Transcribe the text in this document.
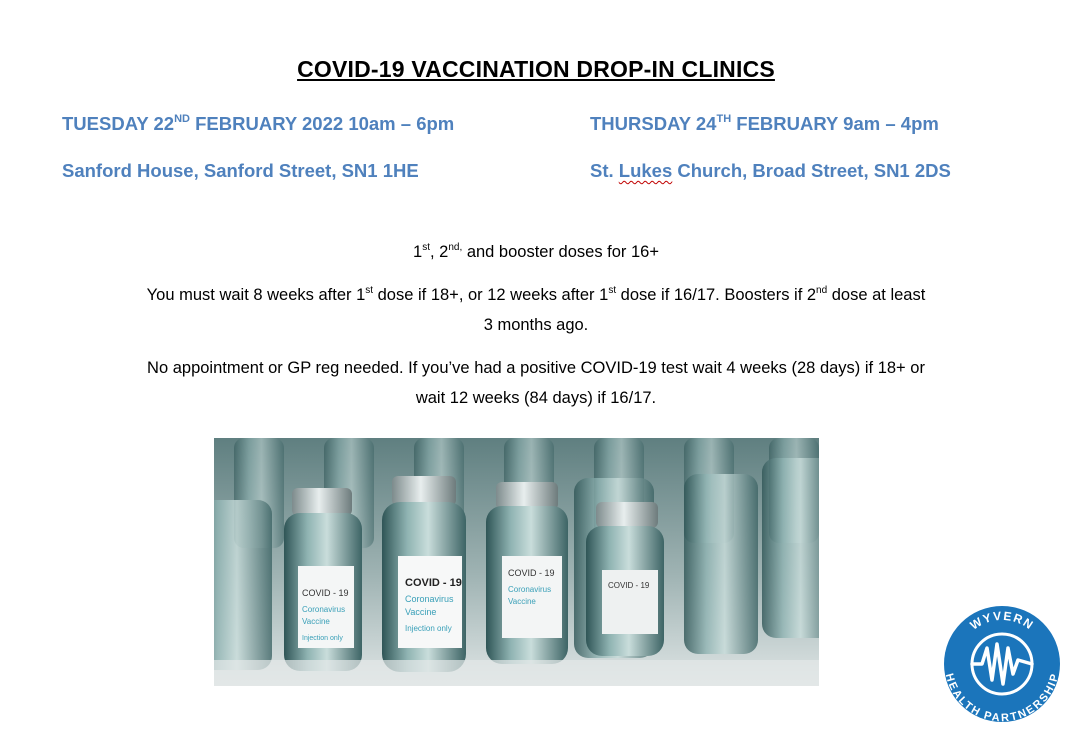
COVID-19 VACCINATION DROP-IN CLINICS
TUESDAY 22ND FEBRUARY 2022 10am – 6pm
Sanford House, Sanford Street, SN1 1HE
THURSDAY 24TH FEBRUARY 9am – 4pm
St. Lukes Church, Broad Street, SN1 2DS
1st, $2^{nd,}$ and booster doses for 16+
You must wait 8 weeks after 1st dose if 18+, or 12 weeks after 1st dose if 16/17. Boosters if 2nd dose at least
3 months ago.
No appointment or GP reg needed. If you’ve had a positive COVID-19 test wait 4 weeks (28 days) if 18+ or
wait 12 weeks (84 days) if 16/17.
COVID - 19
Coronavirus
Vaccine
Injection only
COVID - 19
Coronavirus
Vaccine
Injection only
COVID - 19
Coronavirus
Vaccine
COVID - 19
WYVERN
HEALTH PARTNERSHIP
